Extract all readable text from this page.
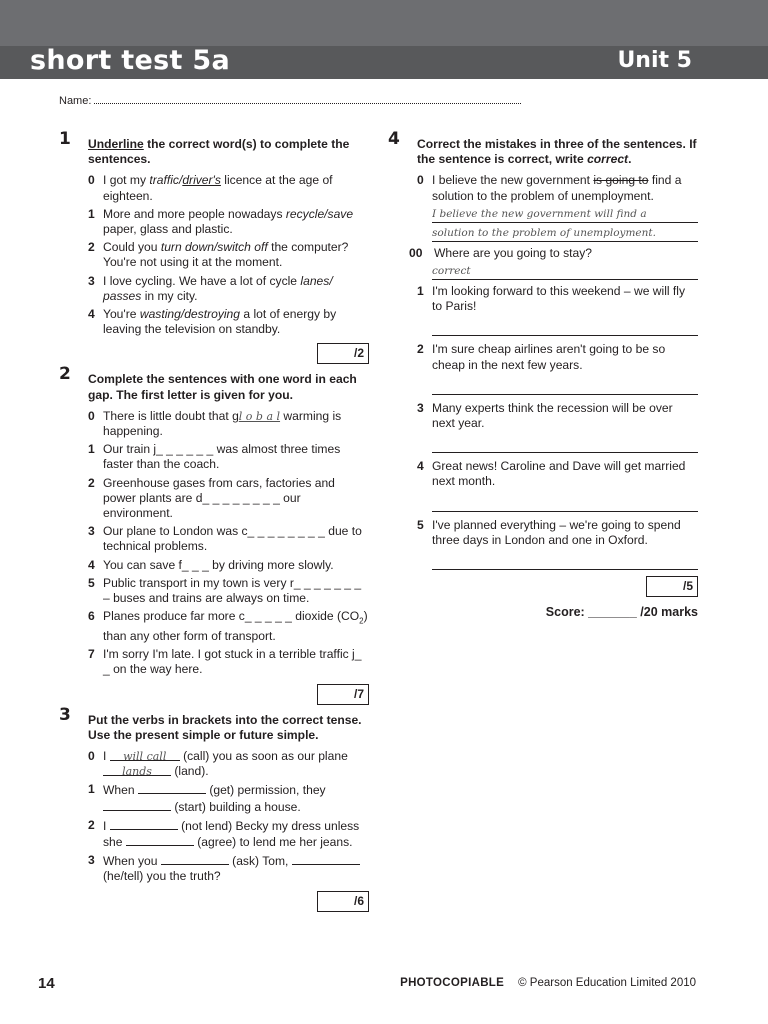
short test 5a	Unit 5
Name:
1 Underline the correct word(s) to complete the sentences.
0 I got my traffic/driver's licence at the age of eighteen.
1 More and more people nowadays recycle/save paper, glass and plastic.
2 Could you turn down/switch off the computer? You're not using it at the moment.
3 I love cycling. We have a lot of cycle lanes/ passes in my city.
4 You're wasting/destroying a lot of energy by leaving the television on standby.
/2
2 Complete the sentences with one word in each gap. The first letter is given for you.
0 There is little doubt that gl o b a l warming is happening.
1 Our train j_ _ _ _ _ _ was almost three times faster than the coach.
2 Greenhouse gases from cars, factories and power plants are d_ _ _ _ _ _ _ _ our environment.
3 Our plane to London was c_ _ _ _ _ _ _ _ due to technical problems.
4 You can save f_ _ _ by driving more slowly.
5 Public transport in my town is very r_ _ _ _ _ _ _ – buses and trains are always on time.
6 Planes produce far more c_ _ _ _ _ dioxide $(CO_2)$ than any other form of transport.
7 I'm sorry I'm late. I got stuck in a terrible traffic j_ _ on the way here.
/7
3 Put the verbs in brackets into the correct tense. Use the present simple or future simple.
0 I will call (call) you as soon as our plane lands (land).
1 When	(get) permission, they  (start) building a house.
2 I	(not lend) Becky my dress unless she	(agree) to lend me her jeans.
3 When you	(ask) Tom,  (he/tell) you the truth?
/6
4 Correct the mistakes in three of the sentences. If the sentence is correct, write correct.
0 I believe the new government is going to find a solution to the problem of unemployment.
I believe the new government will find a
solution to the problem of unemployment.
00 Where are you going to stay?
correct
1 I'm looking forward to this weekend – we will fly to Paris!
2 I'm sure cheap airlines aren't going to be so cheap in the next few years.
3 Many experts think the recession will be over next year.
4 Great news! Caroline and Dave will get married next month.
5 I've planned everything – we're going to spend three days in London and one in Oxford.
/5
Score: _______ /20 marks
14	PHOTOCOPIABLE © Pearson Education Limited 2010
